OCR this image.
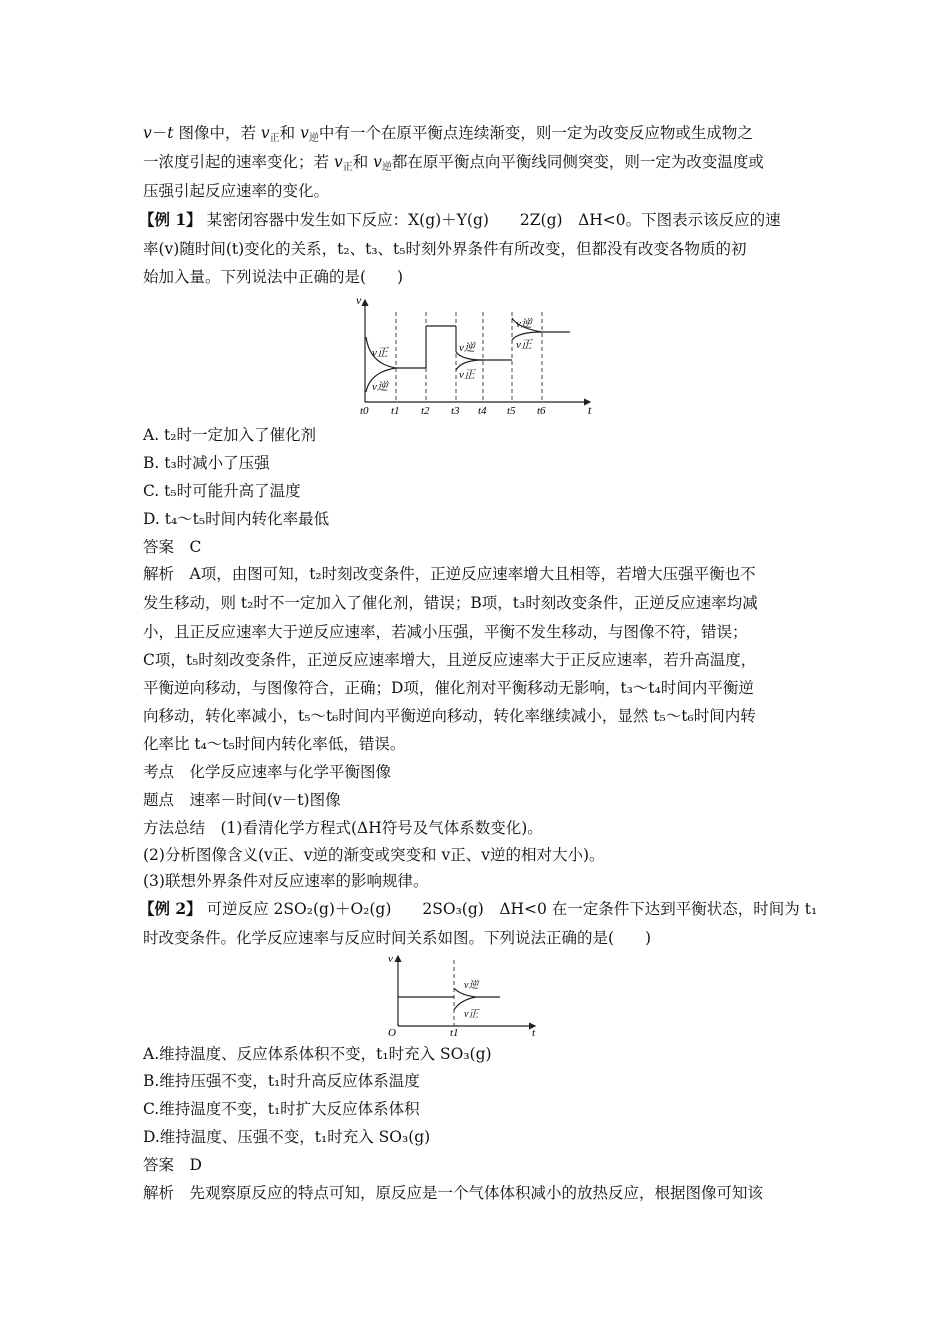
v－t 图像中，若 $v_正$和 $v_逆$中有一个在原平衡点连续渐变，则一定为改变反应物或生成物之
一浓度引起的速率变化；若 $v_正$和 $v_逆$都在原平衡点向平衡线同侧突变，则一定为改变温度或
压强引起反应速率的变化。
【例 1】 某密闭容器中发生如下反应：X(g)＋Y(g)　　2Z(g)　ΔH<0。下图表示该反应的速
率(v)随时间(t)变化的关系，t₂、t₃、t₅时刻外界条件有所改变，但都没有改变各物质的初
始加入量。下列说法中正确的是(　　)
v
t
v正
v逆
v逆
v正
v逆
v正
t0 t1 t2 t3 t4 t5 t6
A. t₂时一定加入了催化剂
B. t₃时减小了压强
C. t₅时可能升高了温度
D. t₄～t₅时间内转化率最低
答案　C
解析　A项，由图可知，t₂时刻改变条件，正逆反应速率增大且相等，若增大压强平衡也不
发生移动，则 t₂时不一定加入了催化剂，错误；B项，t₃时刻改变条件，正逆反应速率均减
小，且正反应速率大于逆反应速率，若减小压强，平衡不发生移动，与图像不符，错误；
C项，t₅时刻改变条件，正逆反应速率增大，且逆反应速率大于正反应速率，若升高温度，
平衡逆向移动，与图像符合，正确；D项，催化剂对平衡移动无影响，t₃～t₄时间内平衡逆
向移动，转化率减小，t₅～t₆时间内平衡逆向移动，转化率继续减小，显然 t₅～t₆时间内转
化率比 t₄～t₅时间内转化率低，错误。
考点　化学反应速率与化学平衡图像
题点　速率－时间(v－t)图像
方法总结　(1)看清化学方程式(ΔH符号及气体系数变化)。
(2)分析图像含义(v正、v逆的渐变或突变和 v正、v逆的相对大小)。
(3)联想外界条件对反应速率的影响规律。
【例 2】 可逆反应 2SO₂(g)＋O₂(g)　　2SO₃(g)　ΔH<0 在一定条件下达到平衡状态，时间为 t₁
时改变条件。化学反应速率与反应时间关系如图。下列说法正确的是(　　)
v
t
O	t1
v逆
v正
A.维持温度、反应体系体积不变，t₁时充入 SO₃(g)
B.维持压强不变，t₁时升高反应体系温度
C.维持温度不变，t₁时扩大反应体系体积
D.维持温度、压强不变，t₁时充入 SO₃(g)
答案　D
解析　先观察原反应的特点可知，原反应是一个气体体积减小的放热反应，根据图像可知该
